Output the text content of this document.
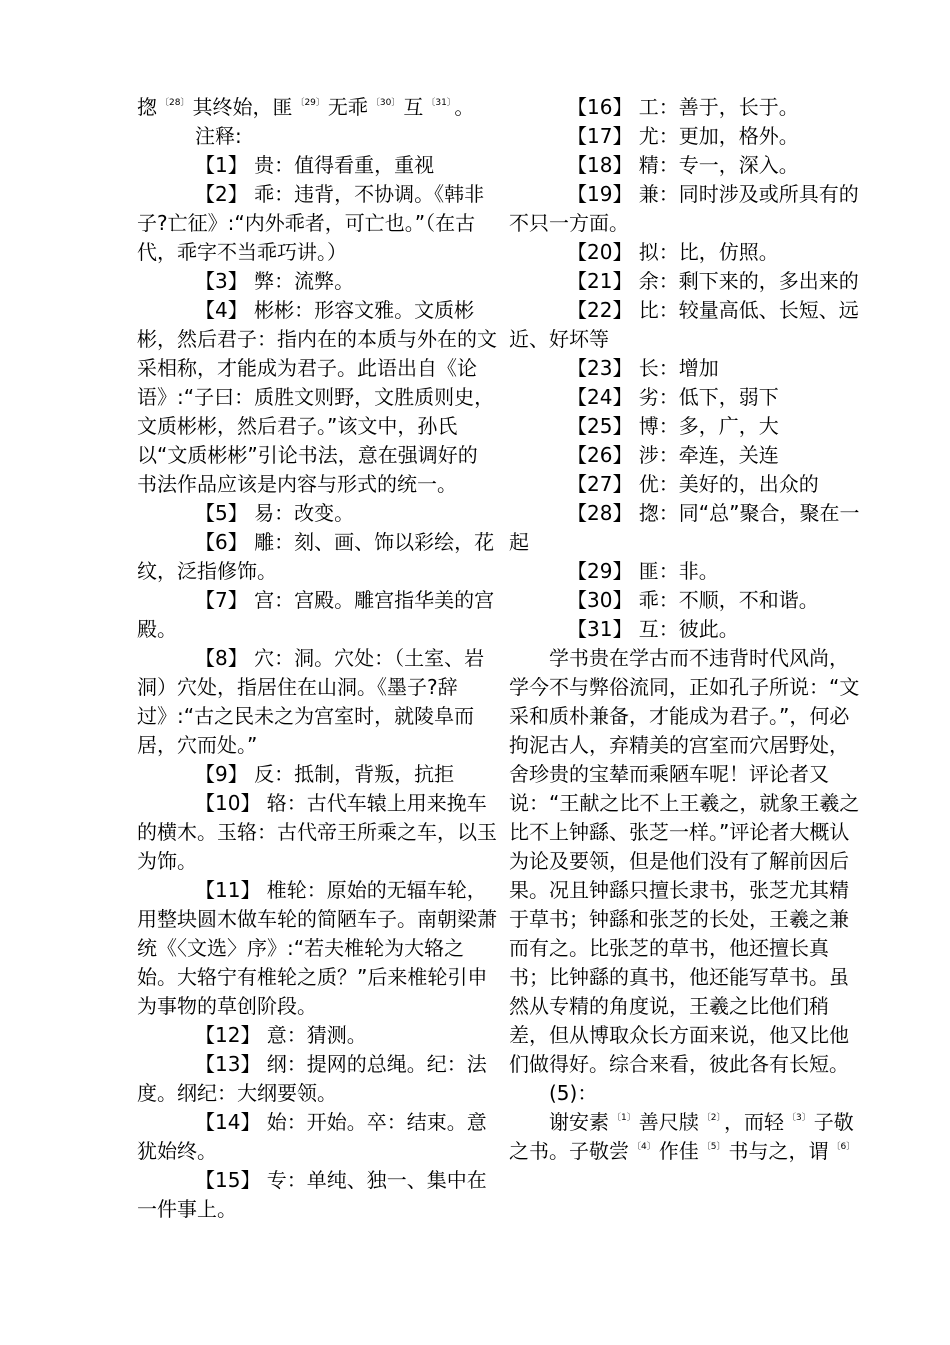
揔 $^{〔28〕}$ 其终始，匪 $^{〔29〕}$ 无乖 $^{〔30〕}$ 互 $^{〔31〕}$ 。

注释:

【1】 贵：值得看重，重视

【2】 乖：违背，不协调。《韩非子?亡征》:“内外乖者，可亡也。”（在古代，乖字不当乖巧讲。）

【3】 弊：流弊。

【4】 彬彬：形容文雅。文质彬彬，然后君子：指内在的本质与外在的文采相称，才能成为君子。此语出自《论语》:“子曰：质胜文则野，文胜质则史，文质彬彬，然后君子。”该文中，孙氏以“文质彬彬”引论书法，意在强调好的书法作品应该是内容与形式的统一。

【5】 易：改变。

【6】 雕：刻、画、饰以彩绘，花纹，泛指修饰。

【7】 宫：宫殿。雕宫指华美的宫殿。

【8】 穴：洞。穴处：（土室、岩洞）穴处，指居住在山洞。《墨子?辞过》:“古之民未之为宫室时，就陵阜而居，穴而处。”

【9】 反：抵制，背叛，抗拒

【10】 辂：古代车辕上用来挽车的横木。玉辂：古代帝王所乘之车，以玉为饰。

【11】 椎轮：原始的无辐车轮，用整块圆木做车轮的简陋车子。南朝梁萧统《〈文选〉序》:“若夫椎轮为大辂之始。大辂宁有椎轮之质？”后来椎轮引申为事物的草创阶段。

【12】 意：猜测。

【13】 纲：提网的总绳。纪：法度。纲纪：大纲要领。

【14】 始：开始。卒：结束。意犹始终。

【15】 专：单纯、独一、集中在一件事上。

【16】 工：善于，长于。

【17】 尤：更加，格外。

【18】 精：专一，深入。

【19】 兼：同时涉及或所具有的不只一方面。

【20】 拟：比，仿照。

【21】 余：剩下来的，多出来的

【22】 比：较量高低、长短、远近、好坏等

【23】 长：增加

【24】 劣：低下，弱下

【25】 博：多，广，大

【26】 涉：牵连，关连

【27】 优：美好的，出众的

【28】 揔：同“总”聚合，聚在一起

【29】 匪：非。

【30】 乖：不顺，不和谐。

【31】 互：彼此。

学书贵在学古而不违背时代风尚，学今不与弊俗流同，正如孔子所说：“文采和质朴兼备，才能成为君子。”，何必拘泥古人，弃精美的宫室而穴居野处，舍珍贵的宝辇而乘陋车呢！评论者又说：“王献之比不上王羲之，就象王羲之比不上钟繇、张芝一样。”评论者大概认为论及要领，但是他们没有了解前因后果。况且钟繇只擅长隶书，张芝尤其精于草书；钟繇和张芝的长处，王羲之兼而有之。比张芝的草书，他还擅长真书；比钟繇的真书，他还能写草书。虽然从专精的角度说，王羲之比他们稍差，但从博取众长方面来说，他又比他们做得好。综合来看，彼此各有长短。

(5)：

谢安素 $^{〔1〕}$ 善尺牍 $^{〔2〕}$ ，而轻 $^{〔3〕}$ 子敬之书。子敬尝 $^{〔4〕}$ 作佳 $^{〔5〕}$ 书与之，谓 $^{〔6〕}$
